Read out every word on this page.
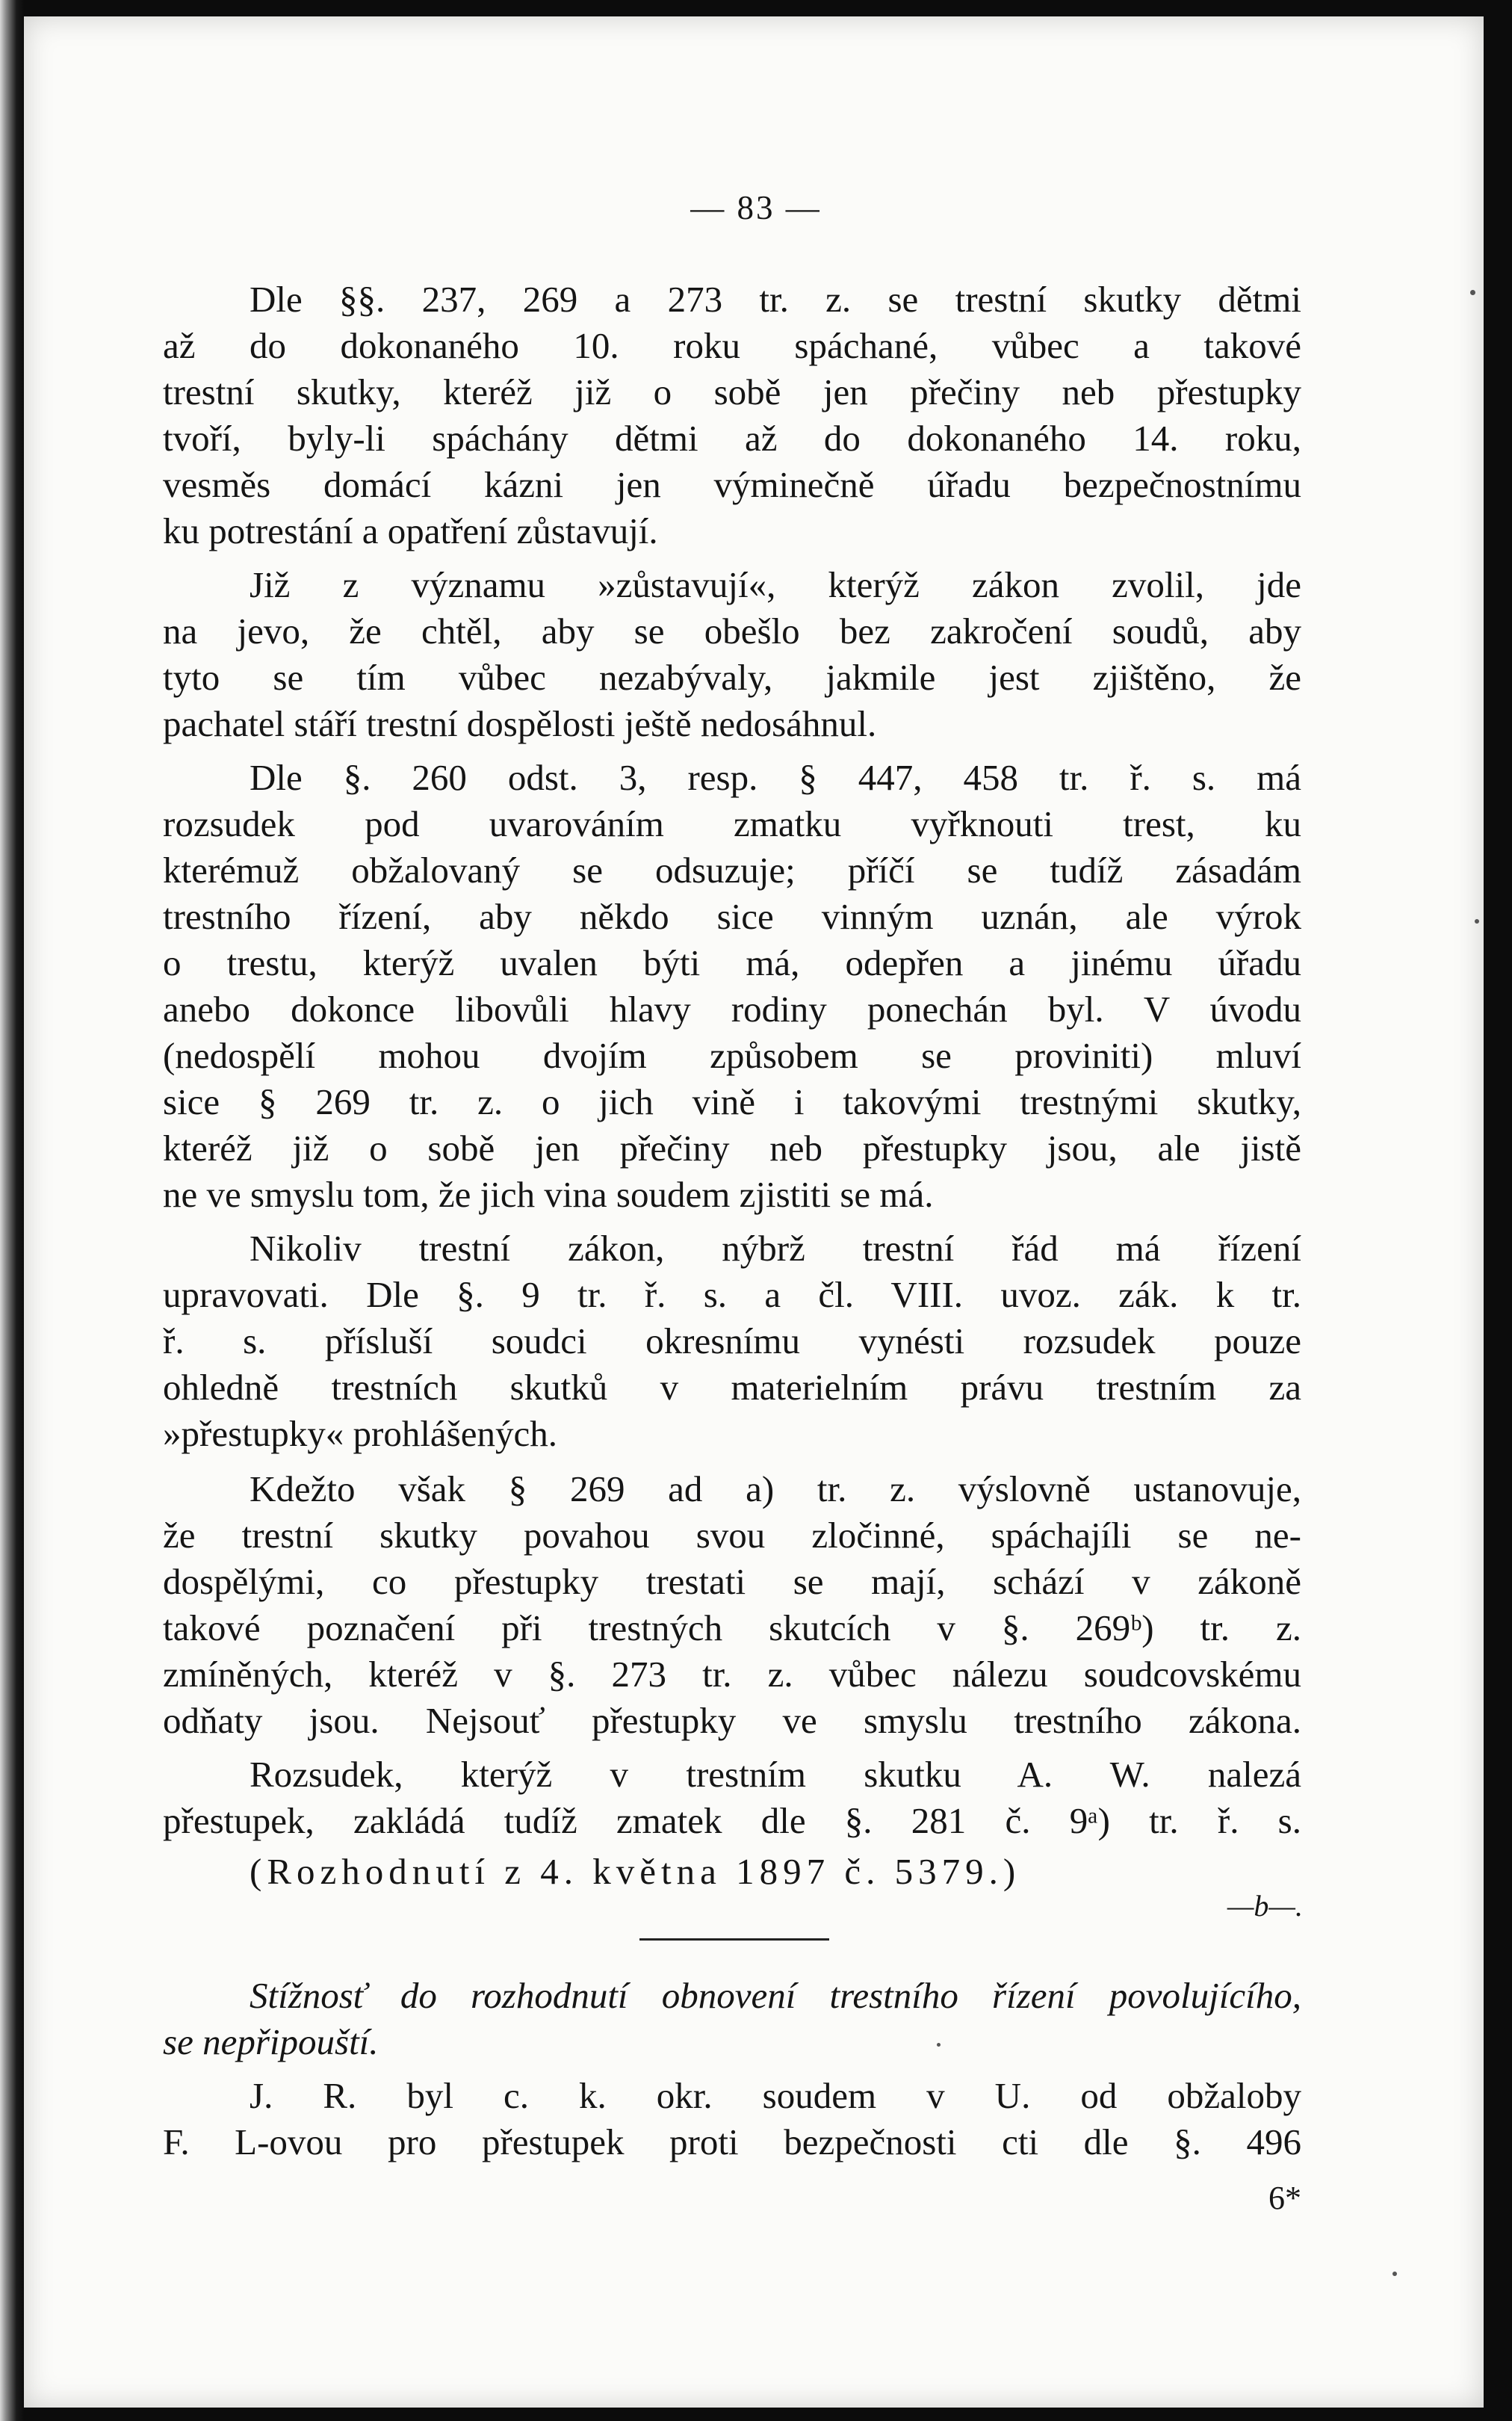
— 83 —
Dle §§. 237, 269 a 273 tr. z. se trestní skutky dětmi
až do dokonaného 10. roku spáchané, vůbec a takové
trestní skutky, kteréž již o sobě jen přečiny neb přestupky
tvoří, byly-li spáchány dětmi až do dokonaného 14. roku,
vesměs domácí kázni jen výminečně úřadu bezpečnostnímu
ku potrestání a opatření zůstavují.
Již z významu »zůstavují«, kterýž zákon zvolil, jde
na jevo, že chtěl, aby se obešlo bez zakročení soudů, aby
tyto se tím vůbec nezabývaly, jakmile jest zjištěno, že
pachatel stáří trestní dospělosti ještě nedosáhnul.
Dle §. 260 odst. 3, resp. § 447, 458 tr. ř. s. má
rozsudek pod uvarováním zmatku vyřknouti trest, ku
kterémuž obžalovaný se odsuzuje; příčí se tudíž zásadám
trestního řízení, aby někdo sice vinným uznán, ale výrok
o trestu, kterýž uvalen býti má, odepřen a jinému úřadu
anebo dokonce libovůli hlavy rodiny ponechán byl. V úvodu
(nedospělí mohou dvojím způsobem se proviniti) mluví
sice § 269 tr. z. o jich vině i takovými trestnými skutky,
kteréž již o sobě jen přečiny neb přestupky jsou, ale jistě
ne ve smyslu tom, že jich vina soudem zjistiti se má.
Nikoliv trestní zákon, nýbrž trestní řád má řízení
upravovati. Dle §. 9 tr. ř. s. a čl. VIII. uvoz. zák. k tr.
ř. s. přísluší soudci okresnímu vynésti rozsudek pouze
ohledně trestních skutků v materielním právu trestním za
»přestupky« prohlášených.
Kdežto však § 269 ad a) tr. z. výslovně ustanovuje,
že trestní skutky povahou svou zločinné, spáchajíli se ne-
dospělými, co přestupky trestati se mají, schází v zákoně
takové poznačení při trestných skutcích v §. 269ᵇ) tr. z.
zmíněných, kteréž v §. 273 tr. z. vůbec nálezu soudcovskému
odňaty jsou. Nejsouť přestupky ve smyslu trestního zákona.
Rozsudek, kterýž v trestním skutku A. W. nalezá
přestupek, zakládá tudíž zmatek dle §. 281 č. 9ᵃ) tr. ř. s.
(Rozhodnutí z 4. května 1897 č. 5379.)
—b—.
Stížnosť do rozhodnutí obnovení trestního řízení povolujícího,
se nepřipouští.
J. R. byl c. k. okr. soudem v U. od obžaloby
F. L-ovou pro přestupek proti bezpečnosti cti dle §. 496
6*
